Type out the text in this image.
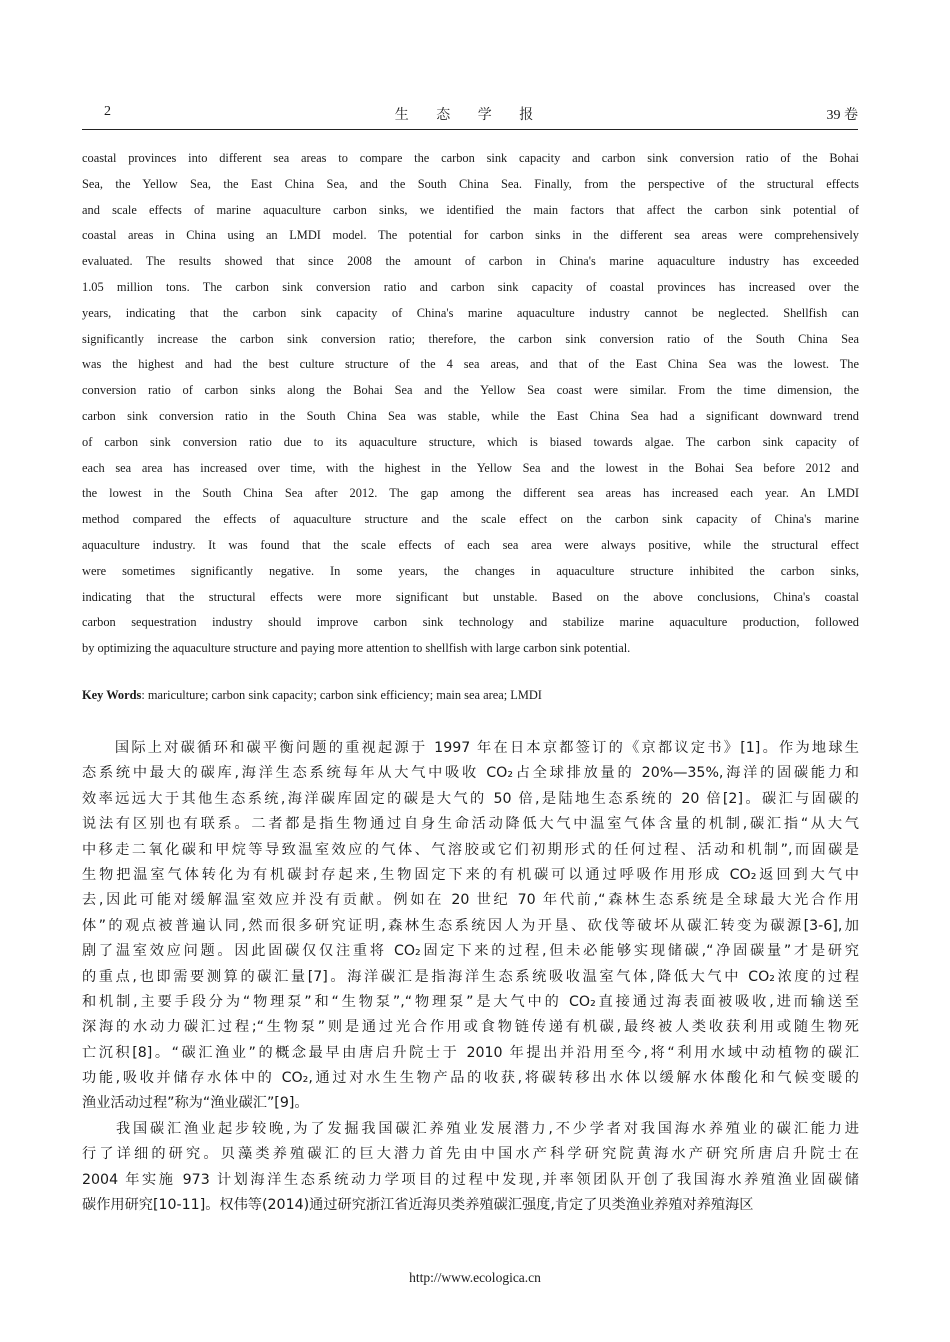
2	生 态 学 报	39 卷
coastal provinces into different sea areas to compare the carbon sink capacity and carbon sink conversion ratio of the Bohai
Sea, the Yellow Sea, the East China Sea, and the South China Sea. Finally, from the perspective of the structural effects
and scale effects of marine aquaculture carbon sinks, we identified the main factors that affect the carbon sink potential of
coastal areas in China using an LMDI model. The potential for carbon sinks in the different sea areas were comprehensively
evaluated. The results showed that since 2008 the amount of carbon in China's marine aquaculture industry has exceeded
1.05 million tons. The carbon sink conversion ratio and carbon sink capacity of coastal provinces has increased over the
years, indicating that the carbon sink capacity of China's marine aquaculture industry cannot be neglected. Shellfish can
significantly increase the carbon sink conversion ratio; therefore, the carbon sink conversion ratio of the South China Sea
was the highest and had the best culture structure of the 4 sea areas, and that of the East China Sea was the lowest. The
conversion ratio of carbon sinks along the Bohai Sea and the Yellow Sea coast were similar. From the time dimension, the
carbon sink conversion ratio in the South China Sea was stable, while the East China Sea had a significant downward trend
of carbon sink conversion ratio due to its aquaculture structure, which is biased towards algae. The carbon sink capacity of
each sea area has increased over time, with the highest in the Yellow Sea and the lowest in the Bohai Sea before 2012 and
the lowest in the South China Sea after 2012. The gap among the different sea areas has increased each year. An LMDI
method compared the effects of aquaculture structure and the scale effect on the carbon sink capacity of China's marine
aquaculture industry. It was found that the scale effects of each sea area were always positive, while the structural effect
were sometimes significantly negative. In some years, the changes in aquaculture structure inhibited the carbon sinks,
indicating that the structural effects were more significant but unstable. Based on the above conclusions, China's coastal
carbon sequestration industry should improve carbon sink technology and stabilize marine aquaculture production, followed
by optimizing the aquaculture structure and paying more attention to shellfish with large carbon sink potential.
Key Words: mariculture; carbon sink capacity; carbon sink efficiency; main sea area; LMDI
　　国际上对碳循环和碳平衡问题的重视起源于 1997 年在日本京都签订的《京都议定书》[1]。作为地球生
态系统中最大的碳库,海洋生态系统每年从大气中吸收 CO₂占全球排放量的 20%—35%,海洋的固碳能力和
效率远远大于其他生态系统,海洋碳库固定的碳是大气的 50 倍,是陆地生态系统的 20 倍[2]。碳汇与固碳的
说法有区别也有联系。二者都是指生物通过自身生命活动降低大气中温室气体含量的机制,碳汇指“从大气
中移走二氧化碳和甲烷等导致温室效应的气体、气溶胶或它们初期形式的任何过程、活动和机制”,而固碳是
生物把温室气体转化为有机碳封存起来,生物固定下来的有机碳可以通过呼吸作用形成 CO₂返回到大气中
去,因此可能对缓解温室效应并没有贡献。例如在 20 世纪 70 年代前,“森林生态系统是全球最大光合作用
体”的观点被普遍认同,然而很多研究证明,森林生态系统因人为开垦、砍伐等破坏从碳汇转变为碳源[3-6],加
剧了温室效应问题。因此固碳仅仅注重将 CO₂固定下来的过程,但未必能够实现储碳,“净固碳量”才是研究
的重点,也即需要测算的碳汇量[7]。海洋碳汇是指海洋生态系统吸收温室气体,降低大气中 CO₂浓度的过程
和机制,主要手段分为“物理泵”和“生物泵”,“物理泵”是大气中的 CO₂直接通过海表面被吸收,进而输送至
深海的水动力碳汇过程;“生物泵”则是通过光合作用或食物链传递有机碳,最终被人类收获利用或随生物死
亡沉积[8]。“碳汇渔业”的概念最早由唐启升院士于 2010 年提出并沿用至今,将“利用水域中动植物的碳汇
功能,吸收并储存水体中的 CO₂,通过对水生生物产品的收获,将碳转移出水体以缓解水体酸化和气候变暖的
渔业活动过程”称为“渔业碳汇”[9]。
　　我国碳汇渔业起步较晚,为了发掘我国碳汇养殖业发展潜力,不少学者对我国海水养殖业的碳汇能力进
行了详细的研究。贝藻类养殖碳汇的巨大潜力首先由中国水产科学研究院黄海水产研究所唐启升院士在
2004 年实施 973 计划海洋生态系统动力学项目的过程中发现,并率领团队开创了我国海水养殖渔业固碳储
碳作用研究[10-11]。权伟等(2014)通过研究浙江省近海贝类养殖碳汇强度,肯定了贝类渔业养殖对养殖海区
http://www.ecologica.cn
